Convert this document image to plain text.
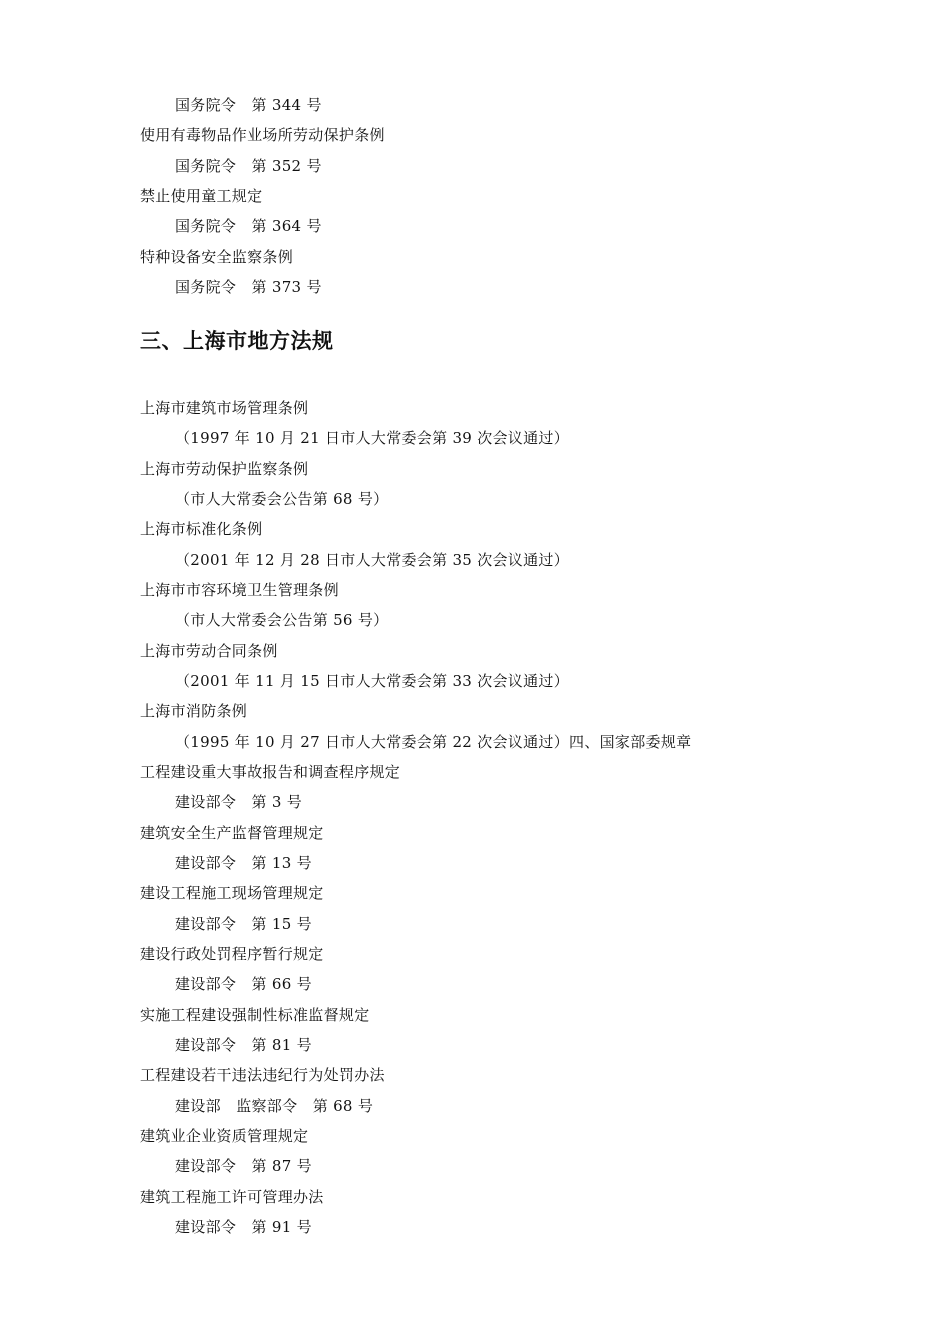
国务院令　第 344 号
使用有毒物品作业场所劳动保护条例
国务院令　第 352 号
禁止使用童工规定
国务院令　第 364 号
特种设备安全监察条例
国务院令　第 373 号
三、上海市地方法规
上海市建筑市场管理条例
（1997 年 10 月 21 日市人大常委会第 39 次会议通过）
上海市劳动保护监察条例
（市人大常委会公告第 68 号）
上海市标准化条例
（2001 年 12 月 28 日市人大常委会第 35 次会议通过）
上海市市容环境卫生管理条例
（市人大常委会公告第 56 号）
上海市劳动合同条例
（2001 年 11 月 15 日市人大常委会第 33 次会议通过）
上海市消防条例
（1995 年 10 月 27 日市人大常委会第 22 次会议通过）四、国家部委规章
工程建设重大事故报告和调查程序规定
建设部令　第 3 号
建筑安全生产监督管理规定
建设部令　第 13 号
建设工程施工现场管理规定
建设部令　第 15 号
建设行政处罚程序暂行规定
建设部令　第 66 号
实施工程建设强制性标准监督规定
建设部令　第 81 号
工程建设若干违法违纪行为处罚办法
建设部　监察部令　第 68 号
建筑业企业资质管理规定
建设部令　第 87 号
建筑工程施工许可管理办法
建设部令　第 91 号
